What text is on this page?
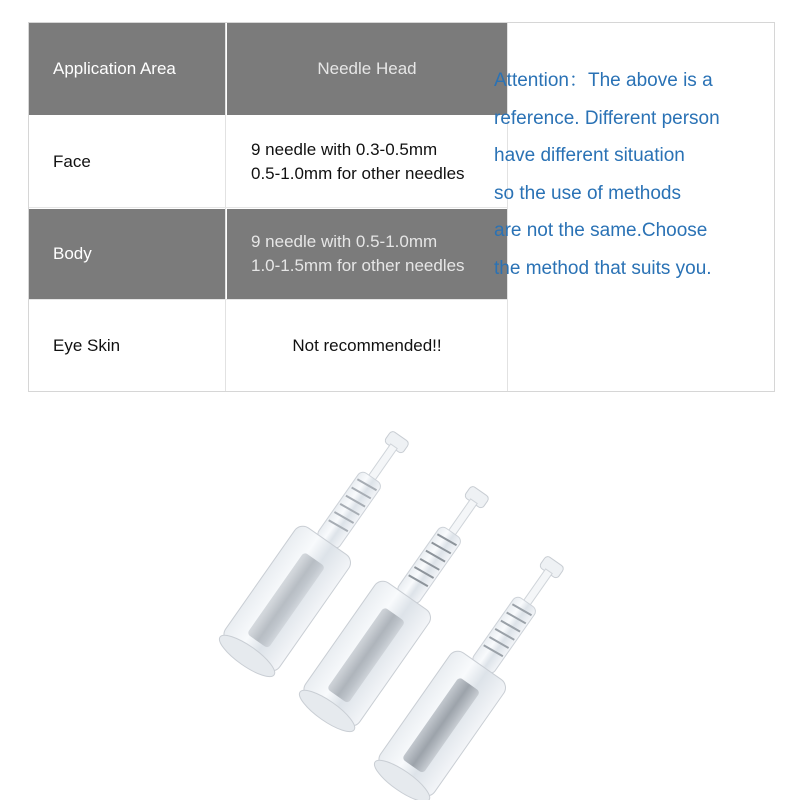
Application Area	Needle Head
Face
9 needle with 0.3-0.5mm
0.5-1.0mm for other needles
Body
9 needle with 0.5-1.0mm
1.0-1.5mm for other needles
Eye Skin	Not recommended!!
Attention：The above is a
reference. Different person
have different situation
so the use of methods
are not the same.Choose
the method that suits you.
